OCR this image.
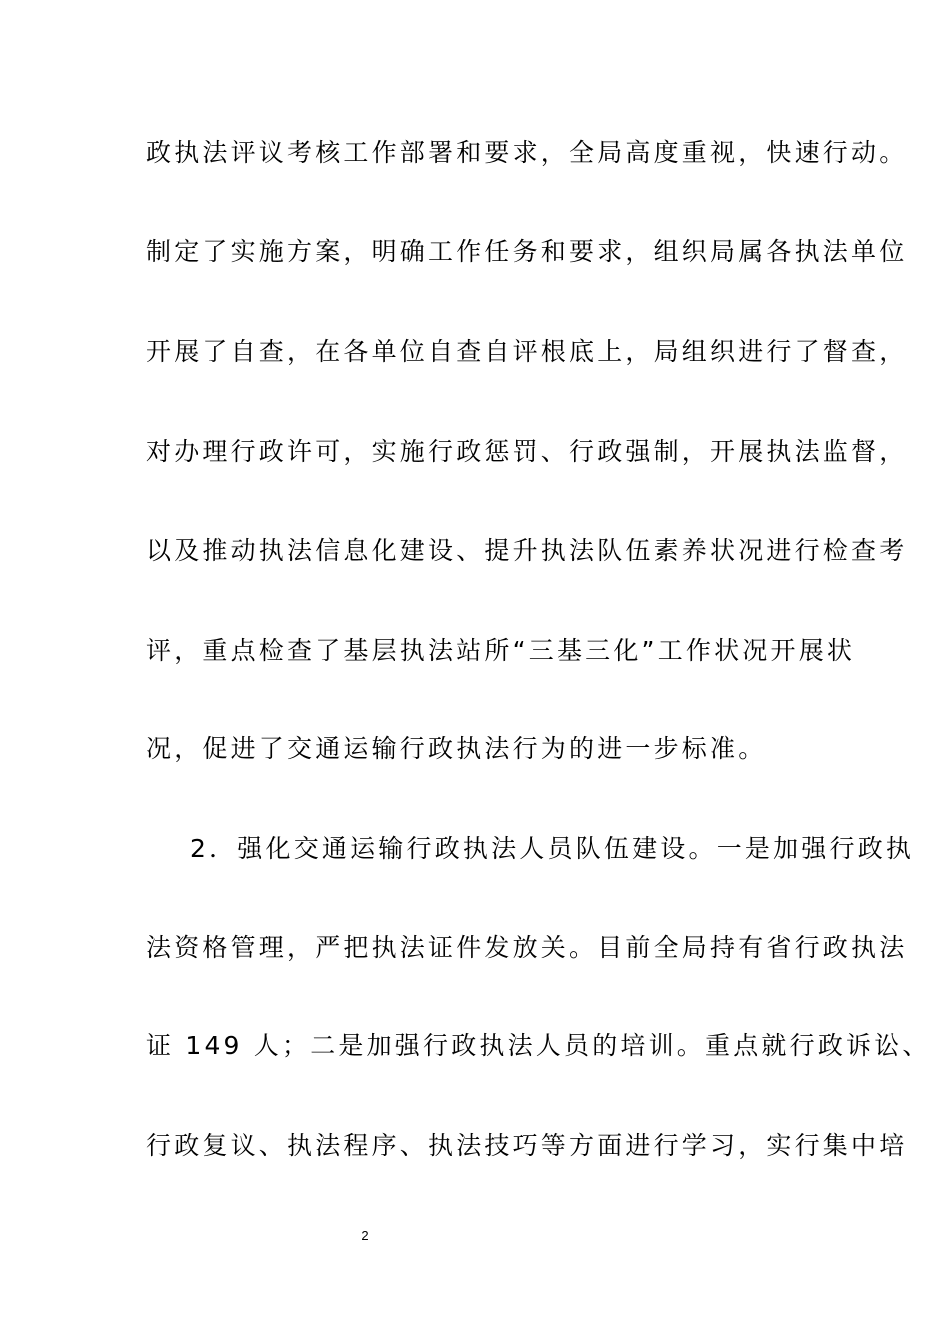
政执法评议考核工作部署和要求，全局高度重视，快速行动。
制定了实施方案，明确工作任务和要求，组织局属各执法单位
开展了自查，在各单位自查自评根底上，局组织进行了督查，
对办理行政许可，实施行政惩罚、行政强制，开展执法监督，
以及推动执法信息化建设、提升执法队伍素养状况进行检查考
评，重点检查了基层执法站所“三基三化”工作状况开展状
况，促进了交通运输行政执法行为的进一步标准。
2．强化交通运输行政执法人员队伍建设。一是加强行政执
法资格管理，严把执法证件发放关。目前全局持有省行政执法
证 149 人；二是加强行政执法人员的培训。重点就行政诉讼、
行政复议、执法程序、执法技巧等方面进行学习，实行集中培
2
